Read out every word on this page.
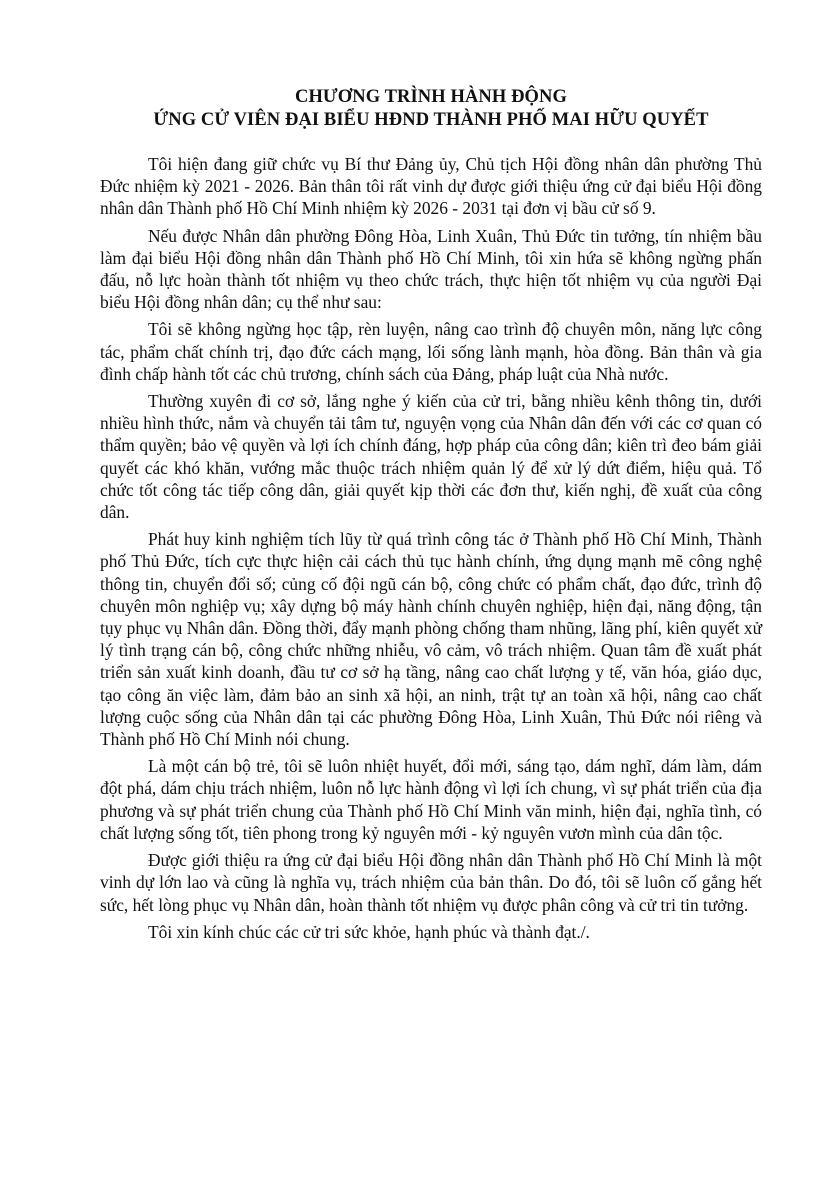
CHƯƠNG TRÌNH HÀNH ĐỘNG
ỨNG CỬ VIÊN ĐẠI BIỂU HĐND THÀNH PHỐ MAI HỮU QUYẾT

Tôi hiện đang giữ chức vụ Bí thư Đảng ủy, Chủ tịch Hội đồng nhân dân phường Thủ Đức nhiệm kỳ 2021 - 2026. Bản thân tôi rất vinh dự được giới thiệu ứng cử đại biểu Hội đồng nhân dân Thành phố Hồ Chí Minh nhiệm kỳ 2026 - 2031 tại đơn vị bầu cử số 9.

Nếu được Nhân dân phường Đông Hòa, Linh Xuân, Thủ Đức tin tưởng, tín nhiệm bầu làm đại biểu Hội đồng nhân dân Thành phố Hồ Chí Minh, tôi xin hứa sẽ không ngừng phấn đấu, nỗ lực hoàn thành tốt nhiệm vụ theo chức trách, thực hiện tốt nhiệm vụ của người Đại biểu Hội đồng nhân dân; cụ thể như sau:

Tôi sẽ không ngừng học tập, rèn luyện, nâng cao trình độ chuyên môn, năng lực công tác, phẩm chất chính trị, đạo đức cách mạng, lối sống lành mạnh, hòa đồng. Bản thân và gia đình chấp hành tốt các chủ trương, chính sách của Đảng, pháp luật của Nhà nước.

Thường xuyên đi cơ sở, lắng nghe ý kiến của cử tri, bằng nhiều kênh thông tin, dưới nhiều hình thức, nắm và chuyển tải tâm tư, nguyện vọng của Nhân dân đến với các cơ quan có thẩm quyền; bảo vệ quyền và lợi ích chính đáng, hợp pháp của công dân; kiên trì đeo bám giải quyết các khó khăn, vướng mắc thuộc trách nhiệm quản lý để xử lý dứt điểm, hiệu quả. Tổ chức tốt công tác tiếp công dân, giải quyết kịp thời các đơn thư, kiến nghị, đề xuất của công dân.

Phát huy kinh nghiệm tích lũy từ quá trình công tác ở Thành phố Hồ Chí Minh, Thành phố Thủ Đức, tích cực thực hiện cải cách thủ tục hành chính, ứng dụng mạnh mẽ công nghệ thông tin, chuyển đổi số; củng cố đội ngũ cán bộ, công chức có phẩm chất, đạo đức, trình độ chuyên môn nghiệp vụ; xây dựng bộ máy hành chính chuyên nghiệp, hiện đại, năng động, tận tụy phục vụ Nhân dân. Đồng thời, đẩy mạnh phòng chống tham nhũng, lãng phí, kiên quyết xử lý tình trạng cán bộ, công chức những nhiễu, vô cảm, vô trách nhiệm. Quan tâm đề xuất phát triển sản xuất kinh doanh, đầu tư cơ sở hạ tầng, nâng cao chất lượng y tế, văn hóa, giáo dục, tạo công ăn việc làm, đảm bảo an sinh xã hội, an ninh, trật tự an toàn xã hội, nâng cao chất lượng cuộc sống của Nhân dân tại các phường Đông Hòa, Linh Xuân, Thủ Đức nói riêng và Thành phố Hồ Chí Minh nói chung.

Là một cán bộ trẻ, tôi sẽ luôn nhiệt huyết, đổi mới, sáng tạo, dám nghĩ, dám làm, dám đột phá, dám chịu trách nhiệm, luôn nỗ lực hành động vì lợi ích chung, vì sự phát triển của địa phương và sự phát triển chung của Thành phố Hồ Chí Minh văn minh, hiện đại, nghĩa tình, có chất lượng sống tốt, tiên phong trong kỷ nguyên mới - kỷ nguyên vươn mình của dân tộc.

Được giới thiệu ra ứng cử đại biểu Hội đồng nhân dân Thành phố Hồ Chí Minh là một vinh dự lớn lao và cũng là nghĩa vụ, trách nhiệm của bản thân. Do đó, tôi sẽ luôn cố gắng hết sức, hết lòng phục vụ Nhân dân, hoàn thành tốt nhiệm vụ được phân công và cử tri tin tưởng.

Tôi xin kính chúc các cử tri sức khỏe, hạnh phúc và thành đạt./.
